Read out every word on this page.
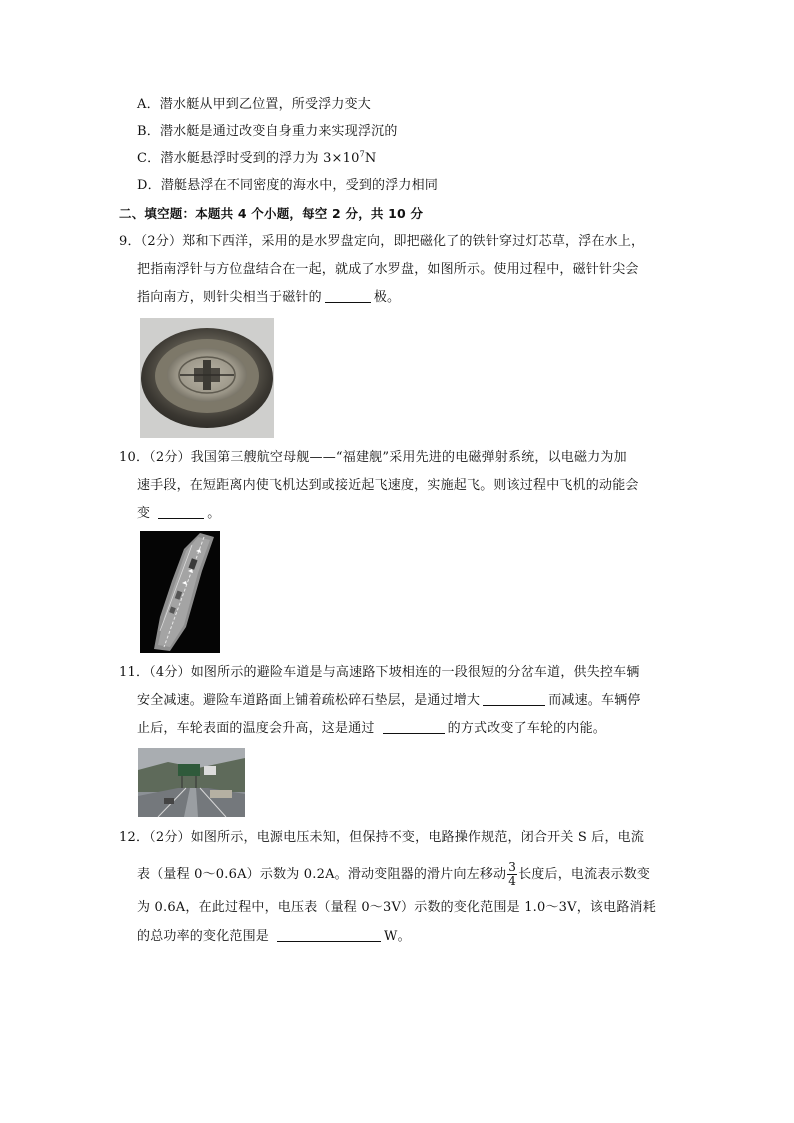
A．潜水艇从甲到乙位置，所受浮力变大
B．潜水艇是通过改变自身重力来实现浮沉的
C．潜水艇悬浮时受到的浮力为 $3\times 10^7N$
D．潜艇悬浮在不同密度的海水中，受到的浮力相同
二、填空题：本题共 4 个小题，每空 2 分，共 10 分
9．（2分）郑和下西洋，采用的是水罗盘定向，即把磁化了的铁针穿过灯芯草，浮在水上，
把指南浮针与方位盘结合在一起，就成了水罗盘，如图所示。使用过程中，磁针针尖会
指向南方，则针尖相当于磁针的	极。
10．（2分）我国第三艘航空母舰——“福建舰”采用先进的电磁弹射系统，以电磁力为加
速手段，在短距离内使飞机达到或接近起飞速度，实施起飞。则该过程中飞机的动能会
变	。
11．（4分）如图所示的避险车道是与高速路下坡相连的一段很短的分岔车道，供失控车辆
安全减速。避险车道路面上铺着疏松碎石垫层，是通过增大	而减速。车辆停
止后，车轮表面的温度会升高，这是通过	的方式改变了车轮的内能。
12．（2分）如图所示，电源电压未知，但保持不变，电路操作规范，闭合开关 S 后，电流
表（量程 0～0.6A）示数为 0.2A。滑动变阻器的滑片向左移动 $\frac{3}{4}$ 长度后，电流表示数变
为 0.6A，在此过程中，电压表（量程 0～3V）示数的变化范围是 1.0～3V，该电路消耗
的总功率的变化范围是	W。
